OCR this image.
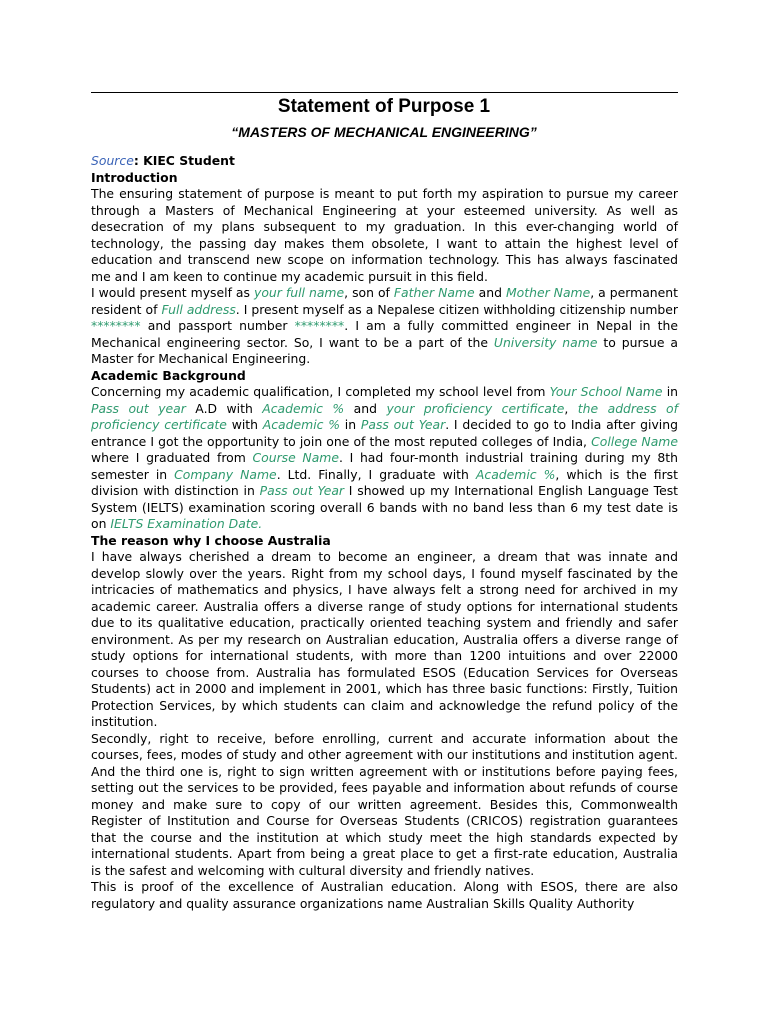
Statement of Purpose 1
“MASTERS OF MECHANICAL ENGINEERING”

Source: KIEC Student

Introduction

The ensuring statement of purpose is meant to put forth my aspiration to pursue my career through a Masters of Mechanical Engineering at your esteemed university. As well as desecration of my plans subsequent to my graduation. In this ever-changing world of technology, the passing day makes them obsolete, I want to attain the highest level of education and transcend new scope on information technology. This has always fascinated me and I am keen to continue my academic pursuit in this field.

I would present myself as your full name, son of Father Name and Mother Name, a permanent resident of Full address. I present myself as a Nepalese citizen withholding citizenship number ******** and passport number ********. I am a fully committed engineer in Nepal in the Mechanical engineering sector. So, I want to be a part of the University name to pursue a Master for Mechanical Engineering.

Academic Background

Concerning my academic qualification, I completed my school level from Your School Name in Pass out year A.D with Academic % and your proficiency certificate, the address of proficiency certificate with Academic % in Pass out Year. I decided to go to India after giving entrance I got the opportunity to join one of the most reputed colleges of India, College Name where I graduated from Course Name. I had four-month industrial training during my 8th semester in Company Name. Ltd. Finally, I graduate with Academic %, which is the first division with distinction in Pass out Year I showed up my International English Language Test System (IELTS) examination scoring overall 6 bands with no band less than 6 my test date is on IELTS Examination Date.

The reason why I choose Australia

I have always cherished a dream to become an engineer, a dream that was innate and develop slowly over the years. Right from my school days, I found myself fascinated by the intricacies of mathematics and physics, I have always felt a strong need for archived in my academic career. Australia offers a diverse range of study options for international students due to its qualitative education, practically oriented teaching system and friendly and safer environment. As per my research on Australian education, Australia offers a diverse range of study options for international students, with more than 1200 intuitions and over 22000 courses to choose from. Australia has formulated ESOS (Education Services for Overseas Students) act in 2000 and implement in 2001, which has three basic functions: Firstly, Tuition Protection Services, by which students can claim and acknowledge the refund policy of the institution.

Secondly, right to receive, before enrolling, current and accurate information about the courses, fees, modes of study and other agreement with our institutions and institution agent. And the third one is, right to sign written agreement with or institutions before paying fees, setting out the services to be provided, fees payable and information about refunds of course money and make sure to copy of our written agreement. Besides this, Commonwealth Register of Institution and Course for Overseas Students (CRICOS) registration guarantees that the course and the institution at which study meet the high standards expected by international students. Apart from being a great place to get a first-rate education, Australia is the safest and welcoming with cultural diversity and friendly natives.

This is proof of the excellence of Australian education. Along with ESOS, there are also regulatory and quality assurance organizations name Australian Skills Quality Authority
